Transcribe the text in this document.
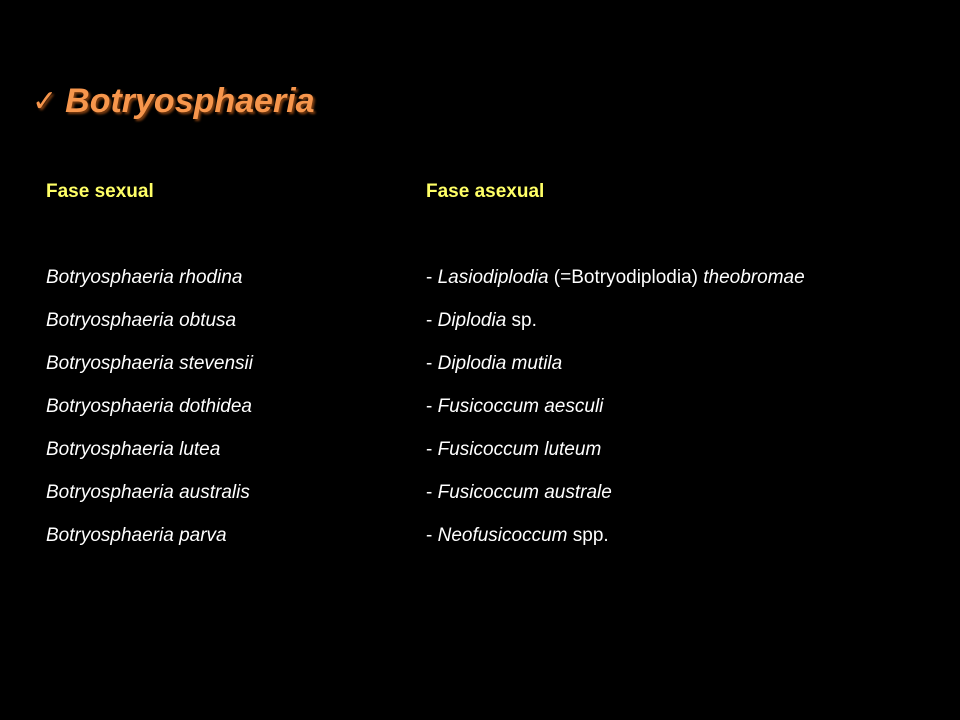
✓ Botryosphaeria
Fase sexual
Botryosphaeria rhodina
Botryosphaeria obtusa
Botryosphaeria stevensii
Botryosphaeria dothidea
Botryosphaeria lutea
Botryosphaeria australis
Botryosphaeria parva
Fase asexual
- Lasiodiplodia (=Botryodiplodia) theobromae
- Diplodia sp.
- Diplodia mutila
- Fusicoccum aesculi
- Fusicoccum luteum
- Fusicoccum australe
- Neofusicoccum spp.
